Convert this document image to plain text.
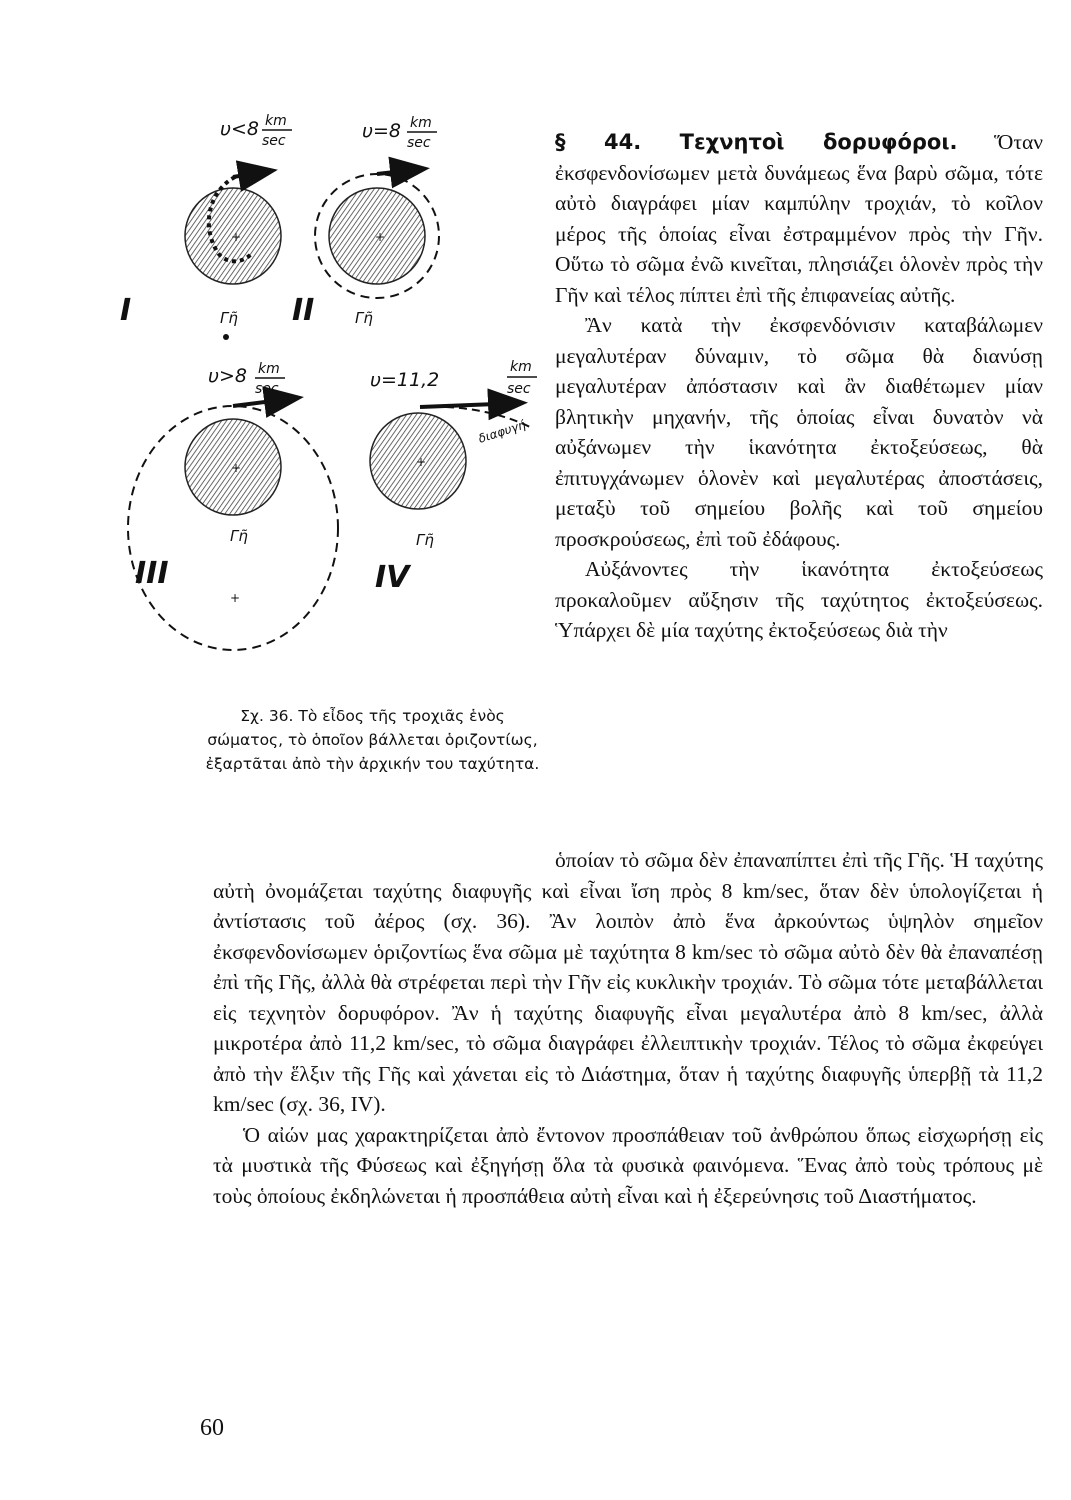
υ<8 km
sec
+
I	Γῆ
υ=8 km
sec
+
II	Γῆ
υ>8 km
sec
+
Γῆ
III
+
υ=11,2
km
sec
+
διαφυγή
Γῆ
IV
Σχ. 36. Τὸ εἶδος τῆς τροχιᾶς ἑνὸς σώματος, τὸ ὁποῖον βάλλεται ὁριζοντίως, ἐξαρτᾶται ἀπὸ τὴν ἀρχικήν του ταχύτητα.

§ 44. Τεχνητοὶ δορυφόροι. Ὅταν ἐκσφενδονίσωμεν μετὰ δυνάμεως ἕνα βαρὺ σῶμα, τότε αὐτὸ διαγράφει μίαν καμπύλην τροχιάν, τὸ κοῖλον μέρος τῆς ὁποίας εἶναι ἐστραμμένον πρὸς τὴν Γῆν. Οὕτω τὸ σῶμα ἐνῶ κινεῖται, πλησιάζει ὁλονὲν πρὸς τὴν Γῆν καὶ τέλος πίπτει ἐπὶ τῆς ἐπιφανείας αὐτῆς.

Ἂν κατὰ τὴν ἐκσφενδόνισιν καταβάλωμεν μεγαλυτέραν δύναμιν, τὸ σῶμα θὰ διανύσῃ μεγαλυτέραν ἀπόστασιν καὶ ἂν διαθέτωμεν μίαν βλητικὴν μηχανήν, τῆς ὁποίας εἶναι δυνατὸν νὰ αὐξάνωμεν τὴν ἱκανότητα ἐκτοξεύσεως, θὰ ἐπιτυγχάνωμεν ὁλονὲν καὶ μεγαλυτέρας ἀποστάσεις, μεταξὺ τοῦ σημείου βολῆς καὶ τοῦ σημείου προσκρούσεως, ἐπὶ τοῦ ἐδάφους.

Αὐξάνοντες τὴν ἱκανότητα ἐκτοξεύσεως προκαλοῦμεν αὔξησιν τῆς ταχύτητος ἐκτοξεύσεως. Ὑπάρχει δὲ μία ταχύτης ἐκτοξεύσεως διὰ τὴν

ὁποίαν τὸ σῶμα δὲν ἐπαναπίπτει ἐπὶ τῆς Γῆς. Ἡ ταχύτης αὐτὴ ὀνομάζεται ταχύτης διαφυγῆς καὶ εἶναι ἴση πρὸς 8 km/sec, ὅταν δὲν ὑπολογίζεται ἡ ἀντίστασις τοῦ ἀέρος (σχ. 36). Ἂν λοιπὸν ἀπὸ ἕνα ἀρκούντως ὑψηλὸν σημεῖον ἐκσφενδονίσωμεν ὁριζοντίως ἕνα σῶμα μὲ ταχύτητα 8 km/sec τὸ σῶμα αὐτὸ δὲν θὰ ἐπαναπέσῃ ἐπὶ τῆς Γῆς, ἀλλὰ θὰ στρέφεται περὶ τὴν Γῆν εἰς κυκλικὴν τροχιάν. Τὸ σῶμα τότε μεταβάλλεται εἰς τεχνητὸν δορυφόρον. Ἂν ἡ ταχύτης διαφυγῆς εἶναι μεγαλυτέρα ἀπὸ 8 km/sec, ἀλλὰ μικροτέρα ἀπὸ 11,2 km/sec, τὸ σῶμα διαγράφει ἐλλειπτικὴν τροχιάν. Τέλος τὸ σῶμα ἐκφεύγει ἀπὸ τὴν ἕλξιν τῆς Γῆς καὶ χάνεται εἰς τὸ Διάστημα, ὅταν ἡ ταχύτης διαφυγῆς ὑπερβῇ τὰ 11,2 km/sec (σχ. 36, IV).

Ὁ αἰών μας χαρακτηρίζεται ἀπὸ ἔντονον προσπάθειαν τοῦ ἀνθρώπου ὅπως εἰσχωρήσῃ εἰς τὰ μυστικὰ τῆς Φύσεως καὶ ἐξηγήσῃ ὅλα τὰ φυσικὰ φαινόμενα. Ἕνας ἀπὸ τοὺς τρόπους μὲ τοὺς ὁποίους ἐκδηλώνεται ἡ προσπάθεια αὐτὴ εἶναι καὶ ἡ ἐξερεύνησις τοῦ Διαστήματος.

60
